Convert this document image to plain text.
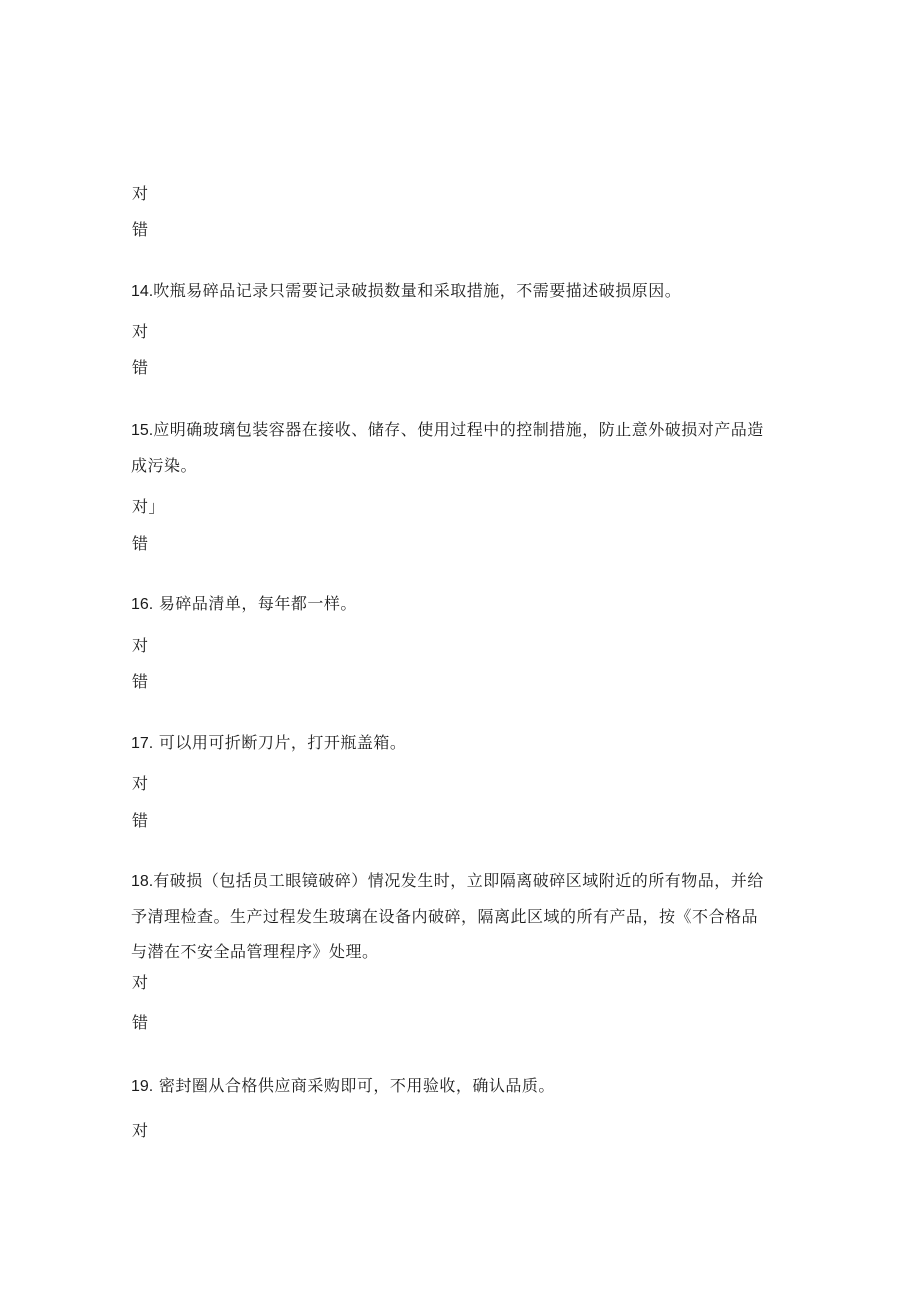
对
错
14.吹瓶易碎品记录只需要记录破损数量和采取措施，不需要描述破损原因。
对
错
15.应明确玻璃包装容器在接收、储存、使用过程中的控制措施，防止意外破损对产品造
成污染。
对」
错
16. 易碎品清单，每年都一样。
对
错
17. 可以用可折断刀片，打开瓶盖箱。
对
错
18.有破损（包括员工眼镜破碎）情况发生时，立即隔离破碎区域附近的所有物品，并给
予清理检查。生产过程发生玻璃在设备内破碎，隔离此区域的所有产品，按《不合格品
与潜在不安全品管理程序》处理。
对
错
19. 密封圈从合格供应商采购即可，不用验收，确认品质。
对
